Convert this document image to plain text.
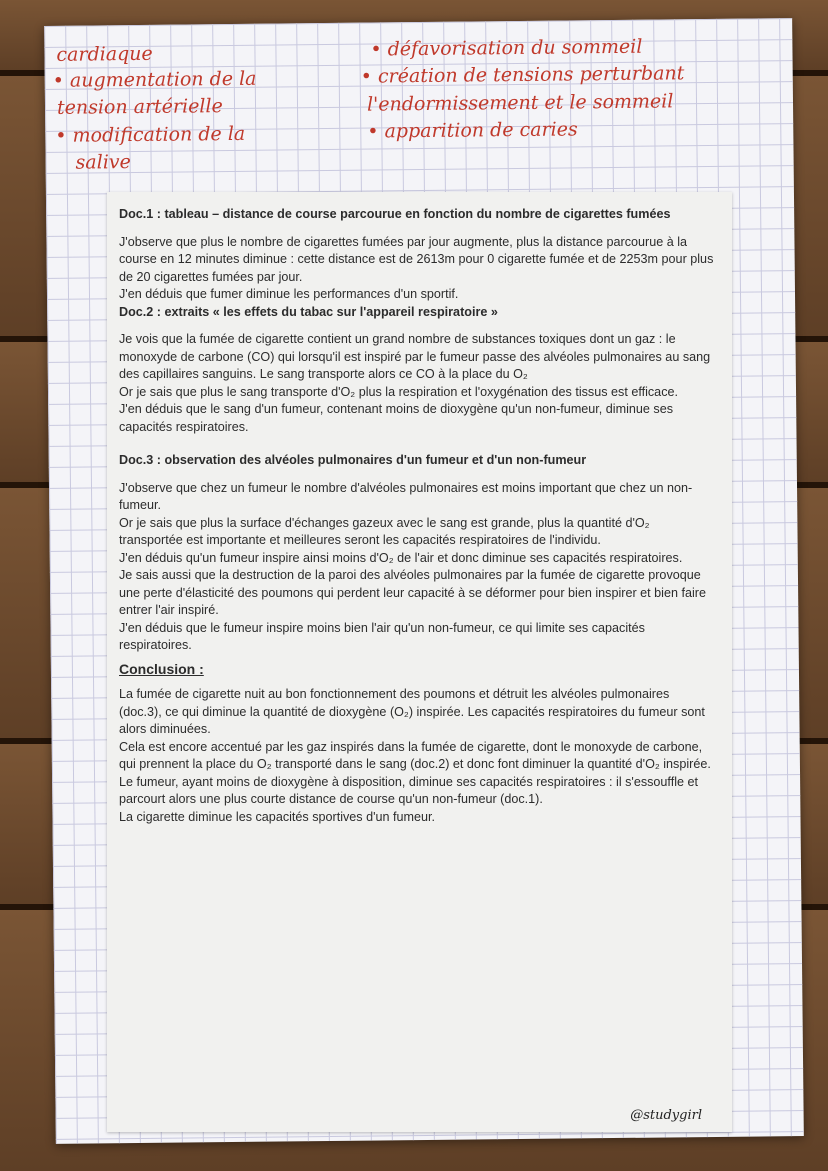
cardiaque
• augmentation de la
tension artérielle
• modification de la
salive
• défavorisation du sommeil
• création de tensions perturbant
l'endormissement et le sommeil
• apparition de caries
Doc.1 : tableau – distance de course parcourue en fonction du nombre de cigarettes fumées

J'observe que plus le nombre de cigarettes fumées par jour augmente, plus la distance parcourue à la course en 12 minutes diminue : cette distance est de 2613m pour 0 cigarette fumée et de 2253m pour plus de 20 cigarettes fumées par jour.

J'en déduis que fumer diminue les performances d'un sportif.

Doc.2 : extraits « les effets du tabac sur l'appareil respiratoire »

Je vois que la fumée de cigarette contient un grand nombre de substances toxiques dont un gaz : le monoxyde de carbone (CO) qui lorsqu'il est inspiré par le fumeur passe des alvéoles pulmonaires au sang des capillaires sanguins. Le sang transporte alors ce CO à la place du O₂

Or je sais que plus le sang transporte d'O₂ plus la respiration et l'oxygénation des tissus est efficace.

J'en déduis que le sang d'un fumeur, contenant moins de dioxygène qu'un non-fumeur, diminue ses capacités respiratoires.

Doc.3 : observation des alvéoles pulmonaires d'un fumeur et d'un non-fumeur

J'observe que chez un fumeur le nombre d'alvéoles pulmonaires est moins important que chez un non-fumeur.

Or je sais que plus la surface d'échanges gazeux avec le sang est grande, plus la quantité d'O₂ transportée est importante et meilleures seront les capacités respiratoires de l'individu.

J'en déduis qu'un fumeur inspire ainsi moins d'O₂ de l'air et donc diminue ses capacités respiratoires.

Je sais aussi que la destruction de la paroi des alvéoles pulmonaires par la fumée de cigarette provoque une perte d'élasticité des poumons qui perdent leur capacité à se déformer pour bien inspirer et bien faire entrer l'air inspiré.

J'en déduis que le fumeur inspire moins bien l'air qu'un non-fumeur, ce qui limite ses capacités respiratoires.

Conclusion :

La fumée de cigarette nuit au bon fonctionnement des poumons et détruit les alvéoles pulmonaires (doc.3), ce qui diminue la quantité de dioxygène (O₂) inspirée. Les capacités respiratoires du fumeur sont alors diminuées.

Cela est encore accentué par les gaz inspirés dans la fumée de cigarette, dont le monoxyde de carbone, qui prennent la place du O₂ transporté dans le sang (doc.2) et donc font diminuer la quantité d'O₂ inspirée. Le fumeur, ayant moins de dioxygène à disposition, diminue ses capacités respiratoires : il s'essouffle et parcourt alors une plus courte distance de course qu'un non-fumeur (doc.1).

La cigarette diminue les capacités sportives d'un fumeur.

@studygirl
